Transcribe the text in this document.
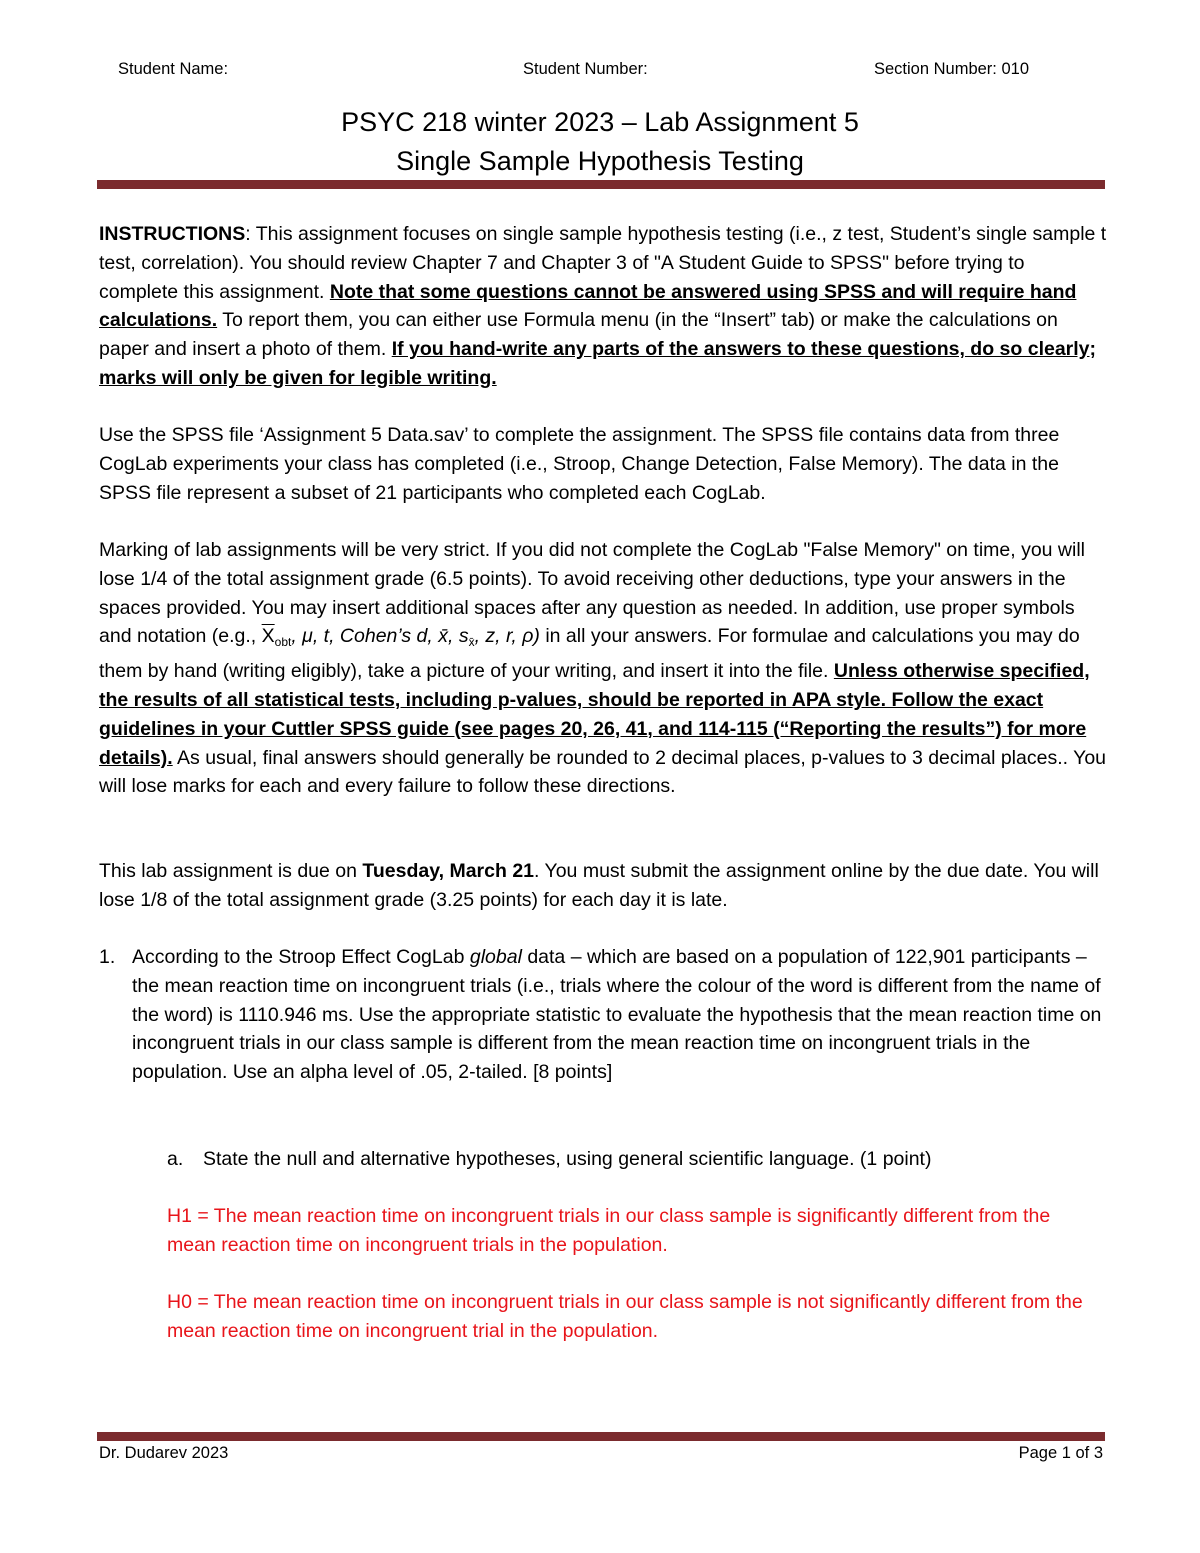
Student Name:	Student Number:	Section Number: 010
PSYC 218 winter 2023 – Lab Assignment 5
Single Sample Hypothesis Testing

INSTRUCTIONS: This assignment focuses on single sample hypothesis testing (i.e., z test, Student’s single sample t test, correlation). You should review Chapter 7 and Chapter 3 of "A Student Guide to SPSS" before trying to complete this assignment. Note that some questions cannot be answered using SPSS and will require hand calculations. To report them, you can either use Formula menu (in the “Insert” tab) or make the calculations on paper and insert a photo of them. If you hand-write any parts of the answers to these questions, do so clearly; marks will only be given for legible writing.

Use the SPSS file ‘Assignment 5 Data.sav’ to complete the assignment. The SPSS file contains data from three CogLab experiments your class has completed (i.e., Stroop, Change Detection, False Memory). The data in the SPSS file represent a subset of 21 participants who completed each CogLab.

Marking of lab assignments will be very strict. If you did not complete the CogLab "False Memory" on time, you will lose 1/4 of the total assignment grade (6.5 points). To avoid receiving other deductions, type your answers in the spaces provided. You may insert additional spaces after any question as needed. In addition, use proper symbols and notation (e.g., $\overline{X}_{obt}$, μ, t, Cohen’s d, x̄, $s_{x̄}$, z, r, ρ) in all your answers. For formulae and calculations you may do them by hand (writing eligibly), take a picture of your writing, and insert it into the file. Unless otherwise specified, the results of all statistical tests, including p-values, should be reported in APA style. Follow the exact guidelines in your Cuttler SPSS guide (see pages 20, 26, 41, and 114-115 (“Reporting the results”) for more details). As usual, final answers should generally be rounded to 2 decimal places, p-values to 3 decimal places.. You will lose marks for each and every failure to follow these directions.

This lab assignment is due on Tuesday, March 21. You must submit the assignment online by the due date. You will lose 1/8 of the total assignment grade (3.25 points) for each day it is late.

1. According to the Stroop Effect CogLab global data – which are based on a population of 122,901 participants – the mean reaction time on incongruent trials (i.e., trials where the colour of the word is different from the name of the word) is 1110.946 ms. Use the appropriate statistic to evaluate the hypothesis that the mean reaction time on incongruent trials in our class sample is different from the mean reaction time on incongruent trials in the population. Use an alpha level of .05, 2-tailed. [8 points]
a. State the null and alternative hypotheses, using general scientific language. (1 point)
H1 = The mean reaction time on incongruent trials in our class sample is significantly different from the mean reaction time on incongruent trials in the population.
H0 = The mean reaction time on incongruent trials in our class sample is not significantly different from the mean reaction time on incongruent trial in the population.
Dr. Dudarev 2023	Page 1 of 3
